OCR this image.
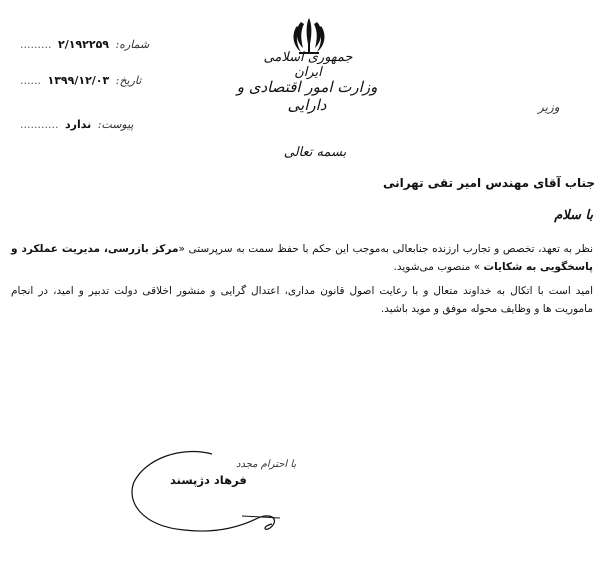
شماره: ۲/۱۹۲۲۵۹ .........
تاریخ: ۱۳۹۹/۱۲/۰۳ ......
پیوست: ندارد ...........
جمهوری اسلامی ایران
وزارت امور اقتصادی و دارایی	وزیر
بسمه تعالی
جناب آقای مهندس امیر تقی تهرانی
با سلام

نظر به تعهد، تخصص و تجارب ارزنده جنابعالی به‌موجب این حکم با حفظ سمت به سرپرستی «مرکز بازرسی، مدیریت عملکرد و پاسخگویی به شکایات » منصوب می‌شوید.

امید است با اتکال به خداوند متعال و با رعایت اصول قانون مداری، اعتدال گرایی و منشور اخلاقی دولت تدبیر و امید، در انجام ماموریت ها و وظایف محوله موفق و موید باشید.

با احترام مجدد
فرهاد دژپسند
